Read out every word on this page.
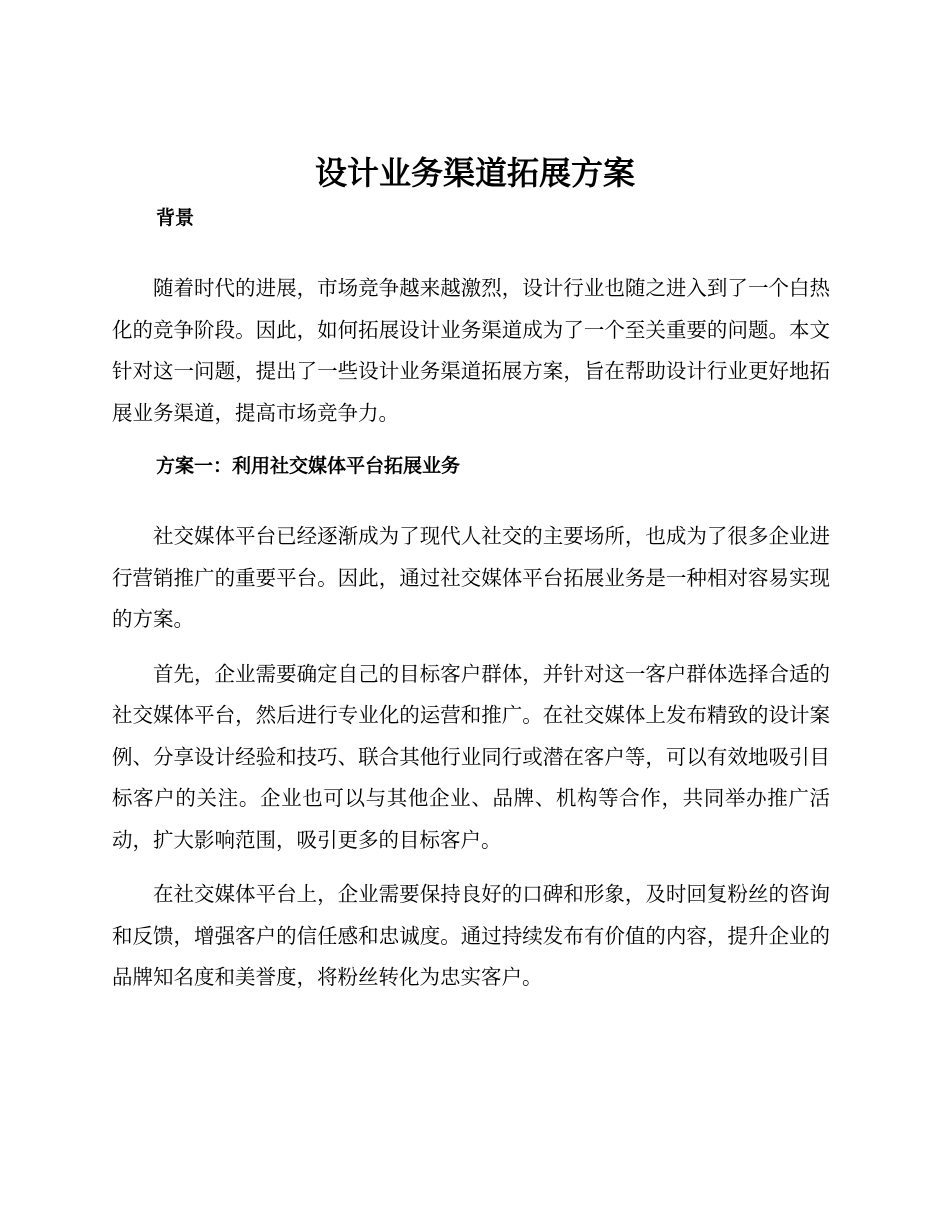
设计业务渠道拓展方案
背景

随着时代的进展，市场竞争越来越激烈，设计行业也随之进入到了一个白热化的竞争阶段。因此，如何拓展设计业务渠道成为了一个至关重要的问题。本文针对这一问题，提出了一些设计业务渠道拓展方案，旨在帮助设计行业更好地拓展业务渠道，提高市场竞争力。

方案一：利用社交媒体平台拓展业务

社交媒体平台已经逐渐成为了现代人社交的主要场所，也成为了很多企业进行营销推广的重要平台。因此，通过社交媒体平台拓展业务是一种相对容易实现的方案。

首先，企业需要确定自己的目标客户群体，并针对这一客户群体选择合适的社交媒体平台，然后进行专业化的运营和推广。在社交媒体上发布精致的设计案例、分享设计经验和技巧、联合其他行业同行或潜在客户等，可以有效地吸引目标客户的关注。企业也可以与其他企业、品牌、机构等合作，共同举办推广活动，扩大影响范围，吸引更多的目标客户。

在社交媒体平台上，企业需要保持良好的口碑和形象，及时回复粉丝的咨询和反馈，增强客户的信任感和忠诚度。通过持续发布有价值的内容，提升企业的品牌知名度和美誉度，将粉丝转化为忠实客户。
